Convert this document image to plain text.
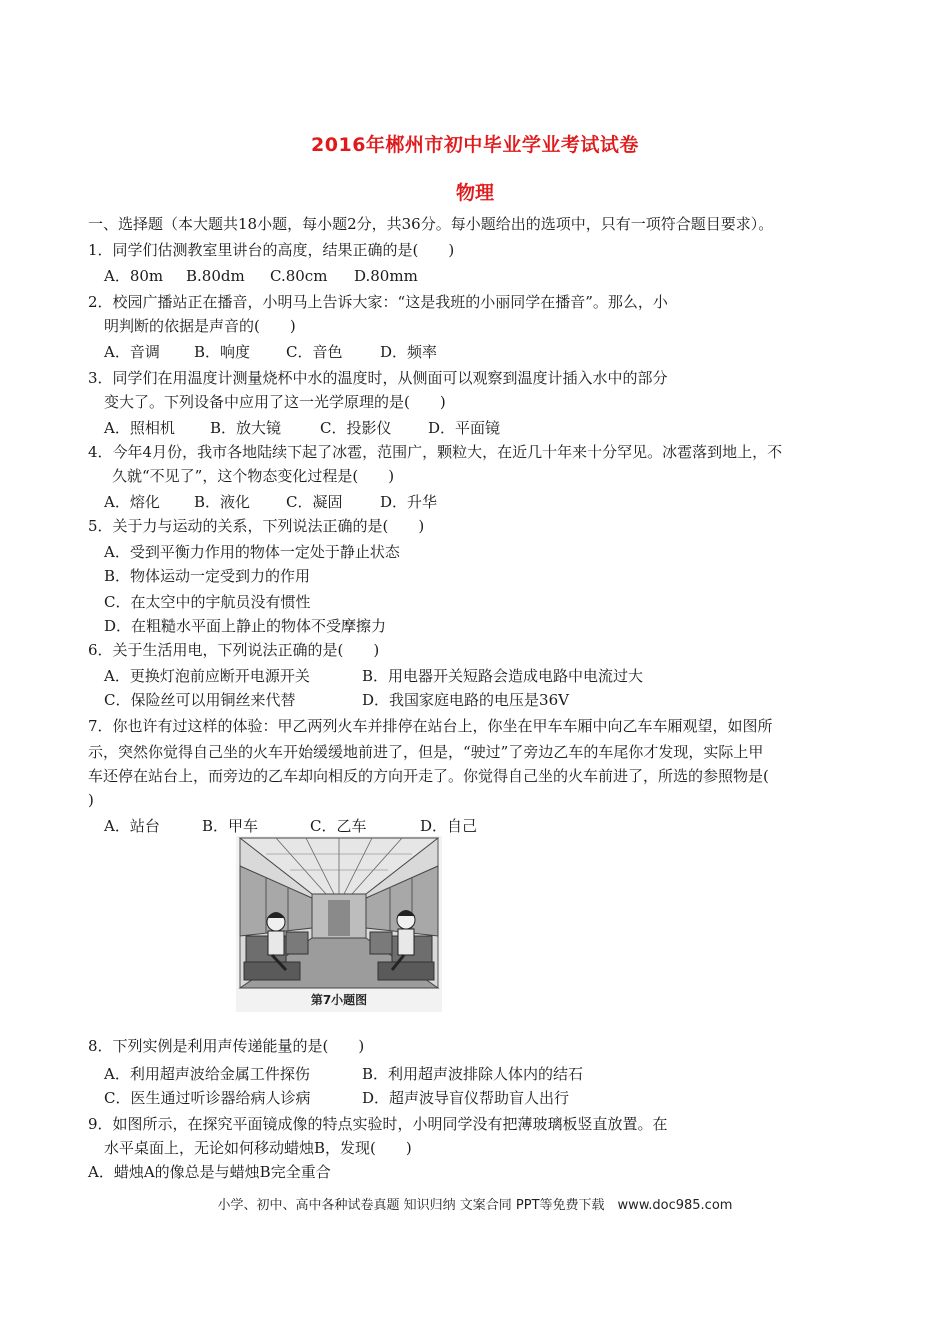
2016年郴州市初中毕业学业考试试卷
物理
一、选择题（本大题共18小题，每小题2分，共36分。每小题给出的选项中，只有一项符合题目要求）。
1．同学们估测教室里讲台的高度，结果正确的是(　　)
A．80m B.80dm C.80cm D.80mm
2．校园广播站正在播音，小明马上告诉大家：“这是我班的小丽同学在播音”。那么，小
明判断的依据是声音的(　　)
A．音调 B．响度 C．音色	D．频率
3．同学们在用温度计测量烧杯中水的温度时，从侧面可以观察到温度计插入水中的部分
变大了。下列设备中应用了这一光学原理的是(　　)
A．照相机 B．放大镜	C．投影仪 D．平面镜
4．今年4月份，我市各地陆续下起了冰雹，范围广，颗粒大，在近几十年来十分罕见。冰雹落到地上，不
久就“不见了”，这个物态变化过程是(　　)
A．熔化 B．液化 C．凝固	D．升华
5．关于力与运动的关系，下列说法正确的是(　　)
A．受到平衡力作用的物体一定处于静止状态
B．物体运动一定受到力的作用
C．在太空中的宇航员没有惯性
D．在粗糙水平面上静止的物体不受摩擦力
6．关于生活用电，下列说法正确的是(　　)
A．更换灯泡前应断开电源开关	B．用电器开关短路会造成电路中电流过大
C．保险丝可以用铜丝来代替	D．我国家庭电路的电压是36V
7．你也许有过这样的体验：甲乙两列火车并排停在站台上，你坐在甲车车厢中向乙车车厢观望，如图所
示，突然你觉得自己坐的火车开始缓缓地前进了，但是，“驶过”了旁边乙车的车尾你才发现，实际上甲
车还停在站台上，而旁边的乙车却向相反的方向开走了。你觉得自己坐的火车前进了，所选的参照物是(
)
A．站台	B．甲车	C．乙车	D．自己
第7小题图
8．下列实例是利用声传递能量的是(　　)
A．利用超声波给金属工件探伤	B．利用超声波排除人体内的结石
C．医生通过听诊器给病人诊病	D．超声波导盲仪帮助盲人出行
9．如图所示，在探究平面镜成像的特点实验时，小明同学没有把薄玻璃板竖直放置。在
水平桌面上，无论如何移动蜡烛B，发现(　　)
A．蜡烛A的像总是与蜡烛B完全重合
小学、初中、高中各种试卷真题 知识归纳 文案合同 PPT等免费下载　www.doc985.com
